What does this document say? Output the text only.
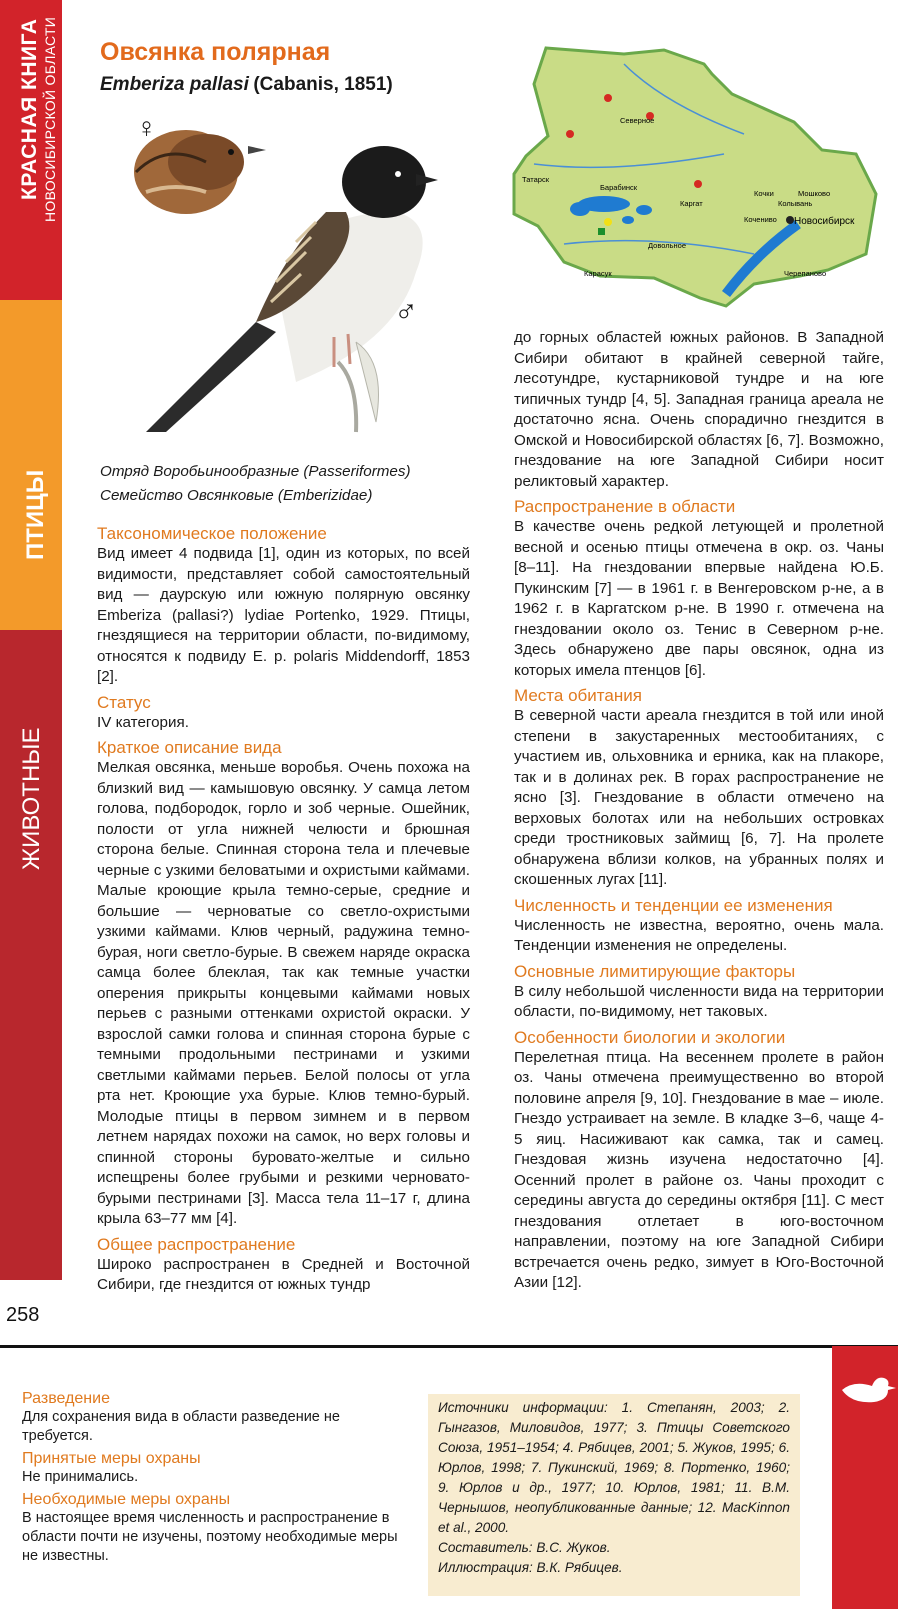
КРАСНАЯ КНИГА НОВОСИБИРСКОЙ ОБЛАСТИ
ПТИЦЫ
ЖИВОТНЫЕ
258
Овсянка полярная
Emberiza pallasi (Cabanis, 1851)
♀
♂
Северное
Татарск
Барабинск
Каргат
Кочки	Мошково
Колывань
Кочениво Новосибирск
Довольное
Карасук	Черепаново
Отряд Воробьинообразные (Passeriformes)
Семейство Овсянковые (Emberizidae)
Таксономическое положение
Вид имеет 4 подвида [1], один из которых, по всей видимости, представляет собой самостоятельный вид — даурскую или южную полярную овсянку Emberiza (pallasi?) lydiae Portenko, 1929. Птицы, гнездящиеся на территории области, по-видимому, относятся к подвиду E. p. polaris Middendorff, 1853 [2].
Статус
IV категория.
Краткое описание вида
Мелкая овсянка, меньше воробья. Очень похожа на близкий вид — камышовую овсянку. У самца летом голова, подбородок, горло и зоб черные. Ошейник, полости от угла нижней челюсти и брюшная сторона белые. Спинная сторона тела и плечевые черные с узкими беловатыми и охристыми каймами. Малые кроющие крыла темно-серые, средние и большие — черноватые со светло-охристыми узкими каймами. Клюв черный, радужина темно-бурая, ноги светло-бурые. В свежем наряде окраска самца более блеклая, так как темные участки оперения прикрыты концевыми каймами новых перьев с разными оттенками охристой окраски. У взрослой самки голова и спинная сторона бурые с темными продольными пестринами и узкими светлыми каймами перьев. Белой полосы от угла рта нет. Кроющие уха бурые. Клюв темно-бурый. Молодые птицы в первом зимнем и в первом летнем нарядах похожи на самок, но верх головы и спинной стороны буровато-желтые и сильно испещрены более грубыми и резкими черновато-бурыми пестринами [3]. Масса тела 11–17 г, длина крыла 63–77 мм [4].
Общее распространение
Широко распространен в Средней и Восточной Сибири, где гнездится от южных тундр
до горных областей южных районов. В Западной Сибири обитают в крайней северной тайге, лесотундре, кустарниковой тундре и на юге типичных тундр [4, 5]. Западная граница ареала не достаточно ясна. Очень спорадично гнездится в Омской и Новосибирской областях [6, 7]. Возможно, гнездование на юге Западной Сибири носит реликтовый характер.
Распространение в области
В качестве очень редкой летующей и пролетной весной и осенью птицы отмечена в окр. оз. Чаны [8–11]. На гнездовании впервые найдена Ю.Б. Пукинским [7] — в 1961 г. в Венгеровском р-не, а в 1962 г. в Каргатском р-не. В 1990 г. отмечена на гнездовании около оз. Тенис в Северном р-не. Здесь обнаружено две пары овсянок, одна из которых имела птенцов [6].
Места обитания
В северной части ареала гнездится в той или иной степени в закустаренных местообитаниях, с участием ив, ольховника и ерника, как на плакоре, так и в долинах рек. В горах распространение не ясно [3]. Гнездование в области отмечено на верховых болотах или на небольших островках среди тростниковых займищ [6, 7]. На пролете обнаружена вблизи колков, на убранных полях и скошенных лугах [11].
Численность и тенденции ее изменения
Численность не известна, вероятно, очень мала. Тенденции изменения не определены.
Основные лимитирующие факторы
В силу небольшой численности вида на территории области, по-видимому, нет таковых.
Особенности биологии и экологии
Перелетная птица. На весеннем пролете в район оз. Чаны отмечена преимущественно во второй половине апреля [9, 10]. Гнездование в мае – июле. Гнездо устраивает на земле. В кладке 3–6, чаще 4-5 яиц. Насиживают как самка, так и самец. Гнездовая жизнь изучена недостаточно [4]. Осенний пролет в районе оз. Чаны проходит с середины августа до середины октября [11]. С мест гнездования отлетает в юго-восточном направлении, поэтому на юге Западной Сибири встречается очень редко, зимует в Юго-Восточной Азии [12].
Разведение
Для сохранения вида в области разведение не требуется.
Принятые меры охраны
Не принимались.
Необходимые меры охраны
В настоящее время численность и распространение в области почти не изучены, поэтому необходимые меры не известны.
Источники информации: 1. Степанян, 2003; 2. Гынгазов, Миловидов, 1977; 3. Птицы Советского Союза, 1951–1954; 4. Рябицев, 2001; 5. Жуков, 1995; 6. Юрлов, 1998; 7. Пукинский, 1969; 8. Портенко, 1960; 9. Юрлов и др., 1977; 10. Юрлов, 1981; 11. В.М. Чернышов, неопубликованные данные; 12. MacKinnon et al., 2000.
Составитель: В.С. Жуков.
Иллюстрация: В.К. Рябицев.
